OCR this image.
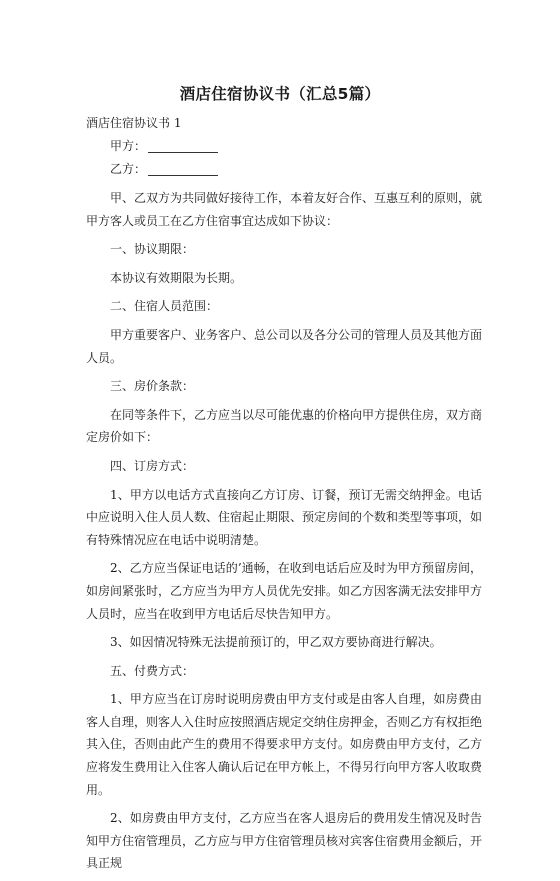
酒店住宿协议书（汇总5篇）
酒店住宿协议书 1
甲方：
乙方：

甲、乙双方为共同做好接待工作，本着友好合作、互惠互利的原则，就甲方客人或员工在乙方住宿事宜达成如下协议：

一、协议期限：

本协议有效期限为长期。

二、住宿人员范围：

甲方重要客户、业务客户、总公司以及各分公司的管理人员及其他方面人员。

三、房价条款：

在同等条件下，乙方应当以尽可能优惠的价格向甲方提供住房，双方商定房价如下：

四、订房方式：

1、甲方以电话方式直接向乙方订房、订餐，预订无需交纳押金。电话中应说明入住人员人数、住宿起止期限、预定房间的个数和类型等事项，如有特殊情况应在电话中说明清楚。

2、乙方应当保证电话的’通畅，在收到电话后应及时为甲方预留房间，如房间紧张时，乙方应当为甲方人员优先安排。如乙方因客满无法安排甲方人员时，应当在收到甲方电话后尽快告知甲方。

3、如因情况特殊无法提前预订的，甲乙双方要协商进行解决。

五、付费方式：

1、甲方应当在订房时说明房费由甲方支付或是由客人自理，如房费由客人自理，则客人入住时应按照酒店规定交纳住房押金，否则乙方有权拒绝其入住，否则由此产生的费用不得要求甲方支付。如房费由甲方支付，乙方应将发生费用让入住客人确认后记在甲方帐上，不得另行向甲方客人收取费用。

2、如房费由甲方支付，乙方应当在客人退房后的费用发生情况及时告知甲方住宿管理员，乙方应与甲方住宿管理员核对宾客住宿费用金额后，开具正规
